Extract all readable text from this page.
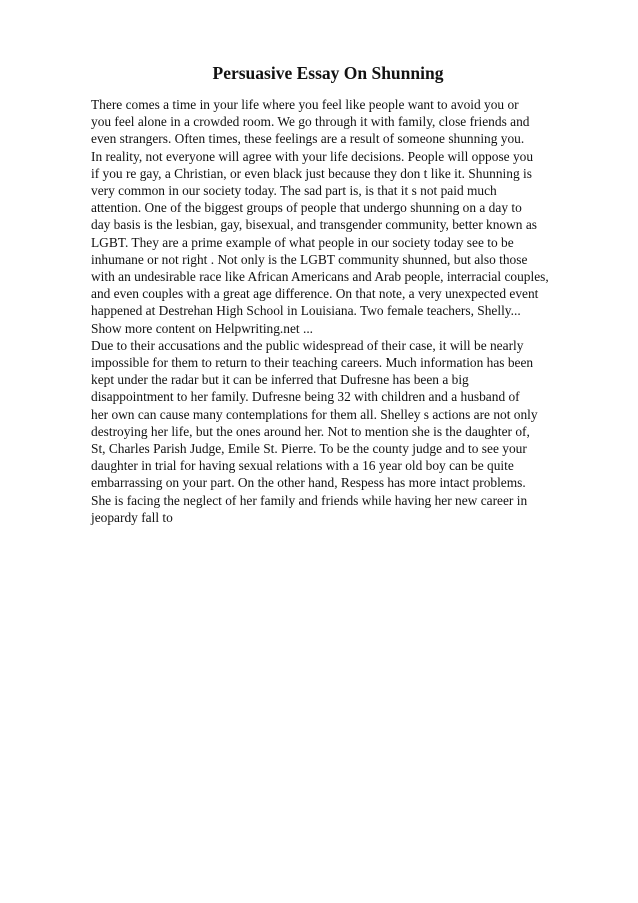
Persuasive Essay On Shunning
There comes a time in your life where you feel like people want to avoid you or
you feel alone in a crowded room. We go through it with family, close friends and
even strangers. Often times, these feelings are a result of someone shunning you.
In reality, not everyone will agree with your life decisions. People will oppose you
if you re gay, a Christian, or even black just because they don t like it. Shunning is
very common in our society today. The sad part is, is that it s not paid much
attention. One of the biggest groups of people that undergo shunning on a day to
day basis is the lesbian, gay, bisexual, and transgender community, better known as
LGBT. They are a prime example of what people in our society today see to be
inhumane or not right . Not only is the LGBT community shunned, but also those
with an undesirable race like African Americans and Arab people, interracial couples,
and even couples with a great age difference. On that note, a very unexpected event
happened at Destrehan High School in Louisiana. Two female teachers, Shelly...
Show more content on Helpwriting.net ...
Due to their accusations and the public widespread of their case, it will be nearly
impossible for them to return to their teaching careers. Much information has been
kept under the radar but it can be inferred that Dufresne has been a big
disappointment to her family. Dufresne being 32 with children and a husband of
her own can cause many contemplations for them all. Shelley s actions are not only
destroying her life, but the ones around her. Not to mention she is the daughter of,
St, Charles Parish Judge, Emile St. Pierre. To be the county judge and to see your
daughter in trial for having sexual relations with a 16 year old boy can be quite
embarrassing on your part. On the other hand, Respess has more intact problems.
She is facing the neglect of her family and friends while having her new career in
jeopardy fall to
